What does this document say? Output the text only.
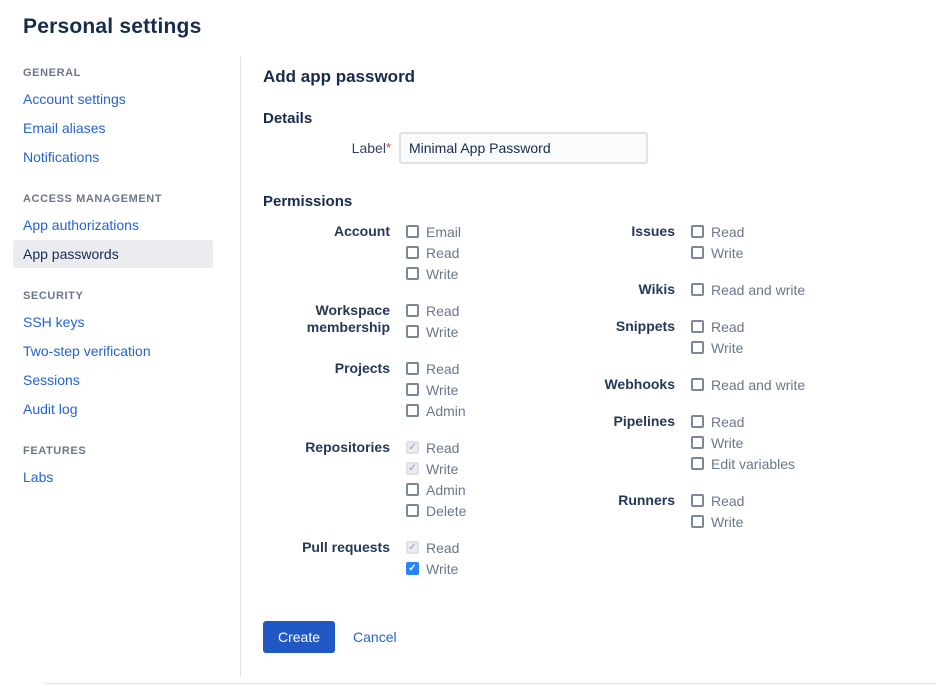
Personal settings
GENERAL
Account settings
Email aliases
Notifications
ACCESS MANAGEMENT
App authorizations
App passwords
SECURITY
SSH keys
Two-step verification
Sessions
Audit log
FEATURES
Labs
Add app password
Details
Label*
Minimal App Password
Permissions
Account	Email
Read
Write
Workspace membership
Read
Write
Projects	Read
Write
Admin
Repositories ✓	Read
✓
Write
Admin
Delete
Pull requests ✓	Read
✓
Write
Issues	Read
Write
Wikis	Read and write
Snippets	Read
Write
Webhooks	Read and write
Pipelines	Read
Write
Edit variables
Runners	Read
Write
Create	Cancel
